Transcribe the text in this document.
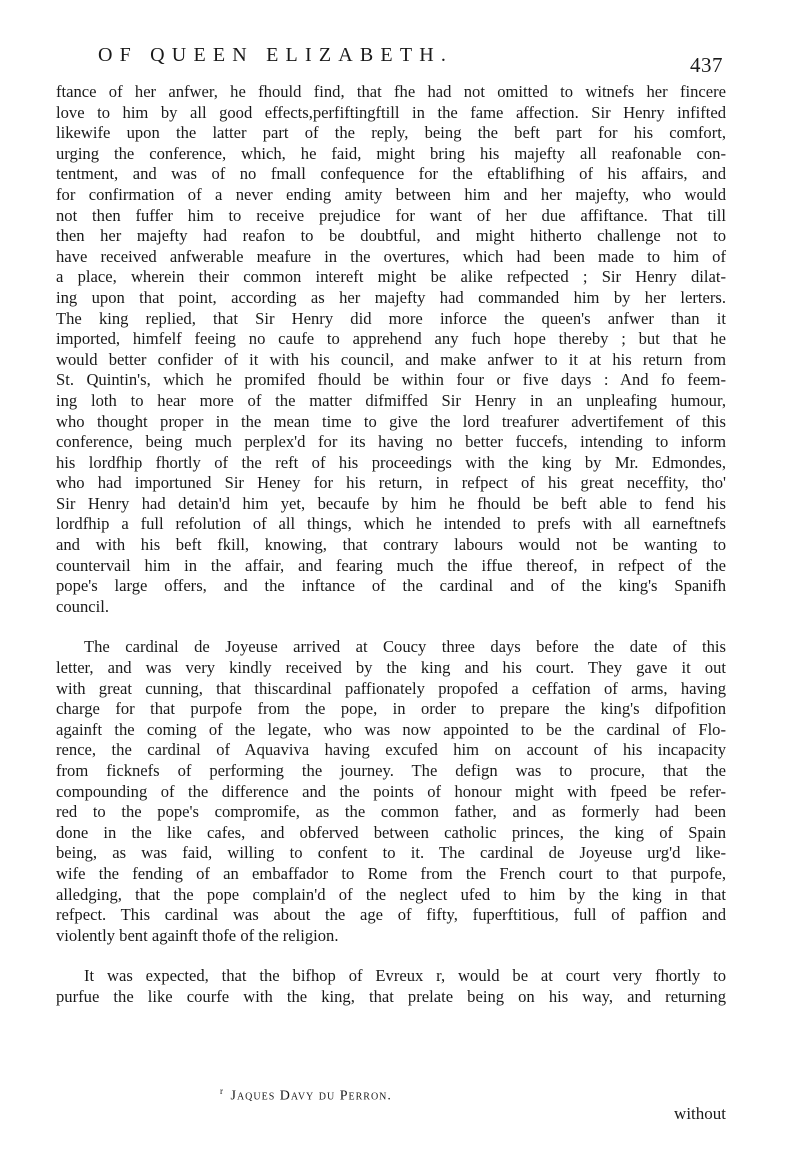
OF QUEEN ELIZABETH.	437

ftance of her anfwer, he fhould find, that fhe had not omitted to witnefs her fincere

love to him by all good effects,perfiftingftill in the fame affection. Sir Henry infifted

likewife upon the latter part of the reply, being the beft part for his comfort,

urging the conference, which, he faid, might bring his majefty all reafonable con-

tentment, and was of no fmall confequence for the eftablifhing of his affairs, and

for confirmation of a never ending amity between him and her majefty, who would

not then fuffer him to receive prejudice for want of her due affiftance. That till

then her majefty had reafon to be doubtful, and might hitherto challenge not to

have received anfwerable meafure in the overtures, which had been made to him of

a place, wherein their common intereft might be alike refpected ; Sir Henry dilat-

ing upon that point, according as her majefty had commanded him by her lerters.

The king replied, that Sir Henry did more inforce the queen's anfwer than it

imported, himfelf feeing no caufe to apprehend any fuch hope thereby ; but that he

would better confider of it with his council, and make anfwer to it at his return from

St. Quintin's, which he promifed fhould be within four or five days : And fo feem-

ing loth to hear more of the matter difmiffed Sir Henry in an unpleafing humour,

who thought proper in the mean time to give the lord treafurer advertifement of this

conference, being much perplex'd for its having no better fuccefs, intending to inform

his lordfhip fhortly of the reft of his proceedings with the king by Mr. Edmondes,

who had importuned Sir Heney for his return, in refpect of his great neceffity, tho'

Sir Henry had detain'd him yet, becaufe by him he fhould be beft able to fend his

lordfhip a full refolution of all things, which he intended to prefs with all earneftnefs

and with his beft fkill, knowing, that contrary labours would not be wanting to

countervail him in the affair, and fearing much the iffue thereof, in refpect of the

pope's large offers, and the inftance of the cardinal and of the king's Spanifh

council.

The cardinal de Joyeuse arrived at Coucy three days before the date of this

letter, and was very kindly received by the king and his court. They gave it out

with great cunning, that thiscardinal paffionately propofed a ceffation of arms, having

charge for that purpofe from the pope, in order to prepare the king's difpofition

againft the coming of the legate, who was now appointed to be the cardinal of Flo-

rence, the cardinal of Aquaviva having excufed him on account of his incapacity

from ficknefs of performing the journey. The defign was to procure, that the

compounding of the difference and the points of honour might with fpeed be refer-

red to the pope's compromife, as the common father, and as formerly had been

done in the like cafes, and obferved between catholic princes, the king of Spain

being, as was faid, willing to confent to it. The cardinal de Joyeuse urg'd like-

wife the fending of an embaffador to Rome from the French court to that purpofe,

alledging, that the pope complain'd of the neglect ufed to him by the king in that

refpect. This cardinal was about the age of fifty, fuperftitious, full of paffion and

violently bent againft thofe of the religion.

It was expected, that the bifhop of Evreux r, would be at court very fhortly to

purfue the like courfe with the king, that prelate being on his way, and returning

$^r$ Jaques Davy du Perron.
without
